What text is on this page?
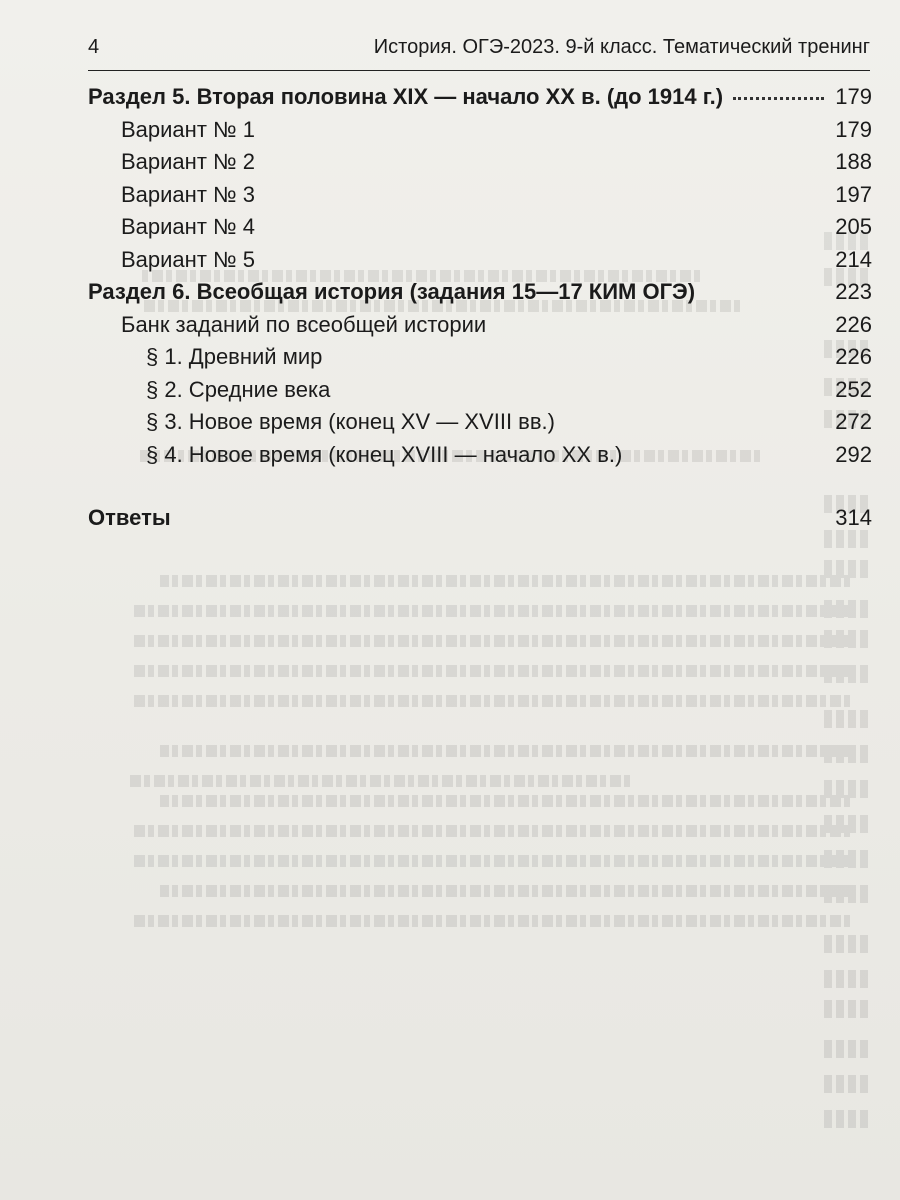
4	История. ОГЭ-2023. 9-й класс. Тематический тренинг
Раздел 5. Вторая половина XIX — начало XX в. (до 1914 г.)	179
Вариант № 1	179
Вариант № 2	188
Вариант № 3	197
Вариант № 4	205
Вариант № 5	214
Раздел 6. Всеобщая история (задания 15—17 КИМ ОГЭ)	223
Банк заданий по всеобщей истории	226
§ 1. Древний мир	226
§ 2. Средние века	252
§ 3. Новое время (конец XV — XVIII вв.)	272
§ 4. Новое время (конец XVIII — начало XX в.)	292
Ответы	314
